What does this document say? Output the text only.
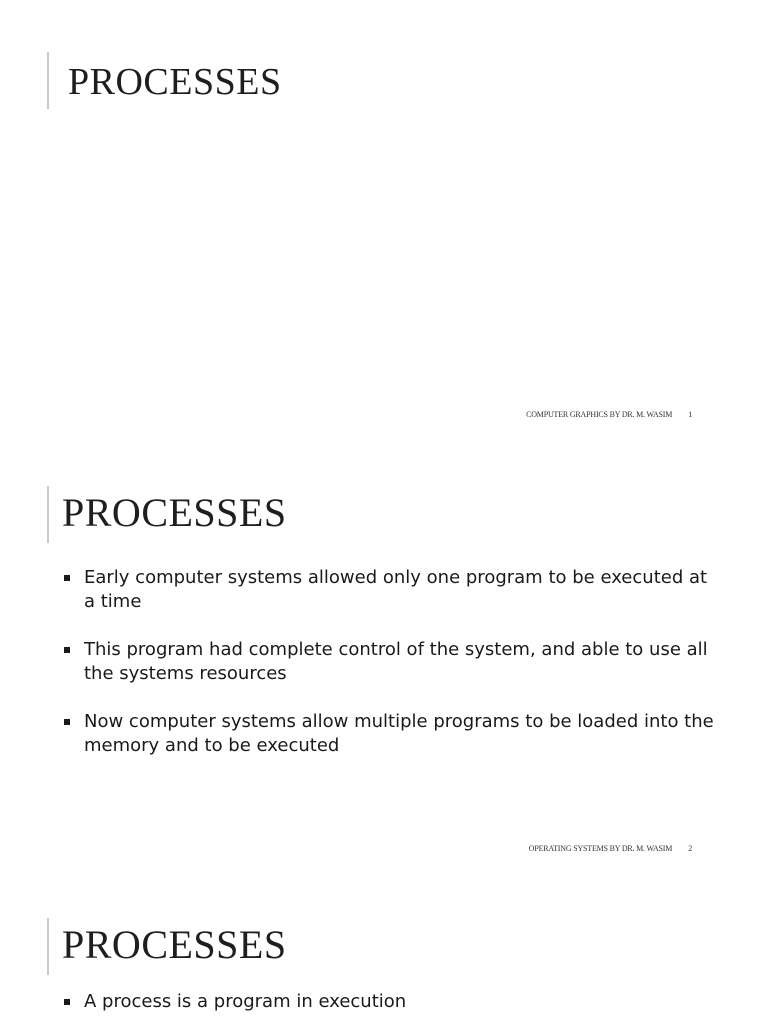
PROCESSES
COMPUTER GRAPHICS BY DR. M. WASIM 1
PROCESSES
Early computer systems allowed only one program to be executed at a time
This program had complete control of the system, and able to use all the systems resources
Now computer systems allow multiple programs to be loaded into the memory and to be executed
OPERATING SYSTEMS BY DR. M. WASIM 2
PROCESSES
A process is a program in execution
